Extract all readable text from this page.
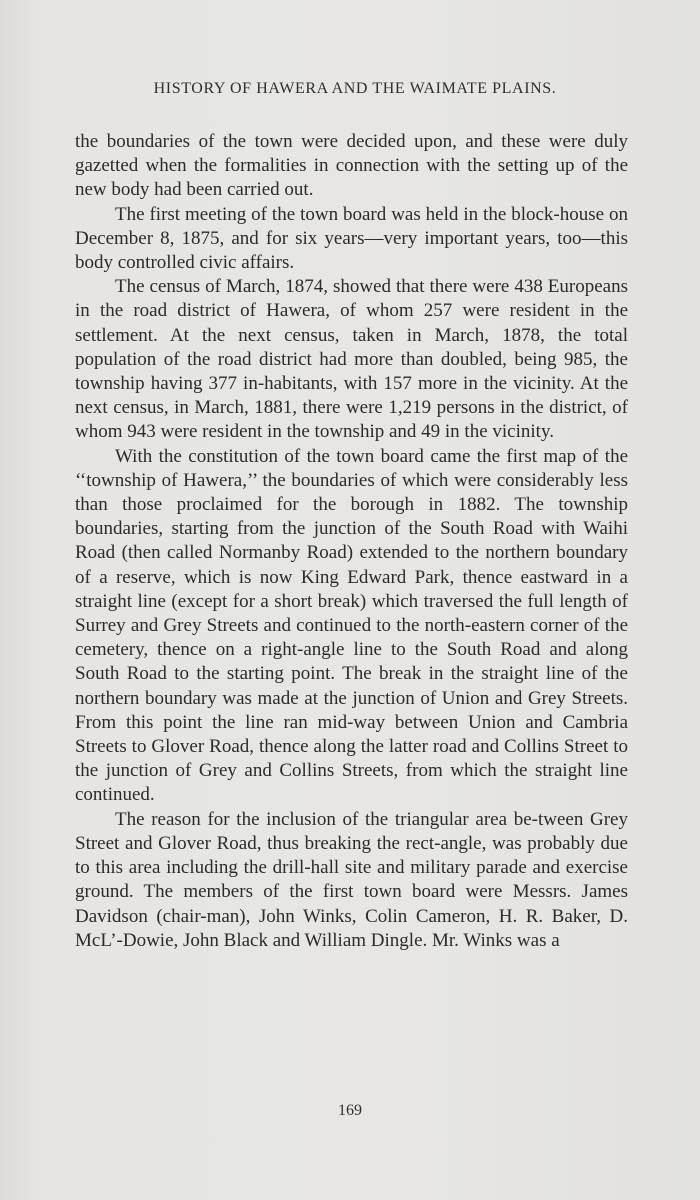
HISTORY OF HAWERA AND THE WAIMATE PLAINS.

the boundaries of the town were decided upon, and these were duly gazetted when the formalities in connection with the setting up of the new body had been carried out.

The first meeting of the town board was held in the block-house on December 8, 1875, and for six years—very important years, too—this body controlled civic affairs.

The census of March, 1874, showed that there were 438 Europeans in the road district of Hawera, of whom 257 were resident in the settlement. At the next census, taken in March, 1878, the total population of the road district had more than doubled, being 985, the township having 377 in-habitants, with 157 more in the vicinity. At the next census, in March, 1881, there were 1,219 persons in the district, of whom 943 were resident in the township and 49 in the vicinity.

With the constitution of the town board came the first map of the ‘‘township of Hawera,’’ the boundaries of which were considerably less than those proclaimed for the borough in 1882. The township boundaries, starting from the junction of the South Road with Waihi Road (then called Normanby Road) extended to the northern boundary of a reserve, which is now King Edward Park, thence eastward in a straight line (except for a short break) which traversed the full length of Surrey and Grey Streets and continued to the north-eastern corner of the cemetery, thence on a right-angle line to the South Road and along South Road to the starting point. The break in the straight line of the northern boundary was made at the junction of Union and Grey Streets. From this point the line ran mid-way between Union and Cambria Streets to Glover Road, thence along the latter road and Collins Street to the junction of Grey and Collins Streets, from which the straight line continued.

The reason for the inclusion of the triangular area be-tween Grey Street and Glover Road, thus breaking the rect-angle, was probably due to this area including the drill-hall site and military parade and exercise ground. The members of the first town board were Messrs. James Davidson (chair-man), John Winks, Colin Cameron, H. R. Baker, D. McL’-Dowie, John Black and William Dingle. Mr. Winks was a

169
